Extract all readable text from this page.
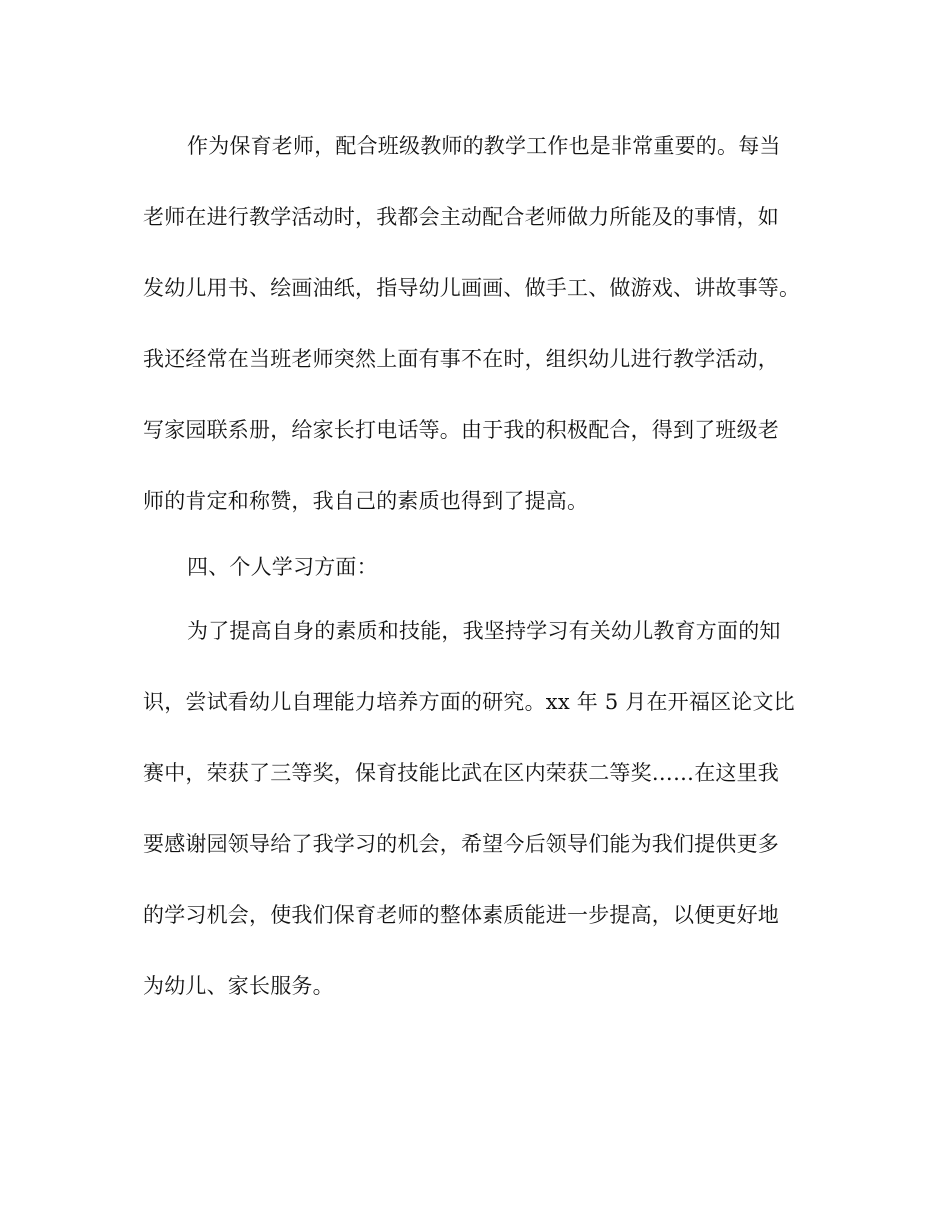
作为保育老师，配合班级教师的教学工作也是非常重要的。每当

老师在进行教学活动时，我都会主动配合老师做力所能及的事情，如

发幼儿用书、绘画油纸，指导幼儿画画、做手工、做游戏、讲故事等。

我还经常在当班老师突然上面有事不在时，组织幼儿进行教学活动，

写家园联系册，给家长打电话等。由于我的积极配合，得到了班级老

师的肯定和称赞，我自己的素质也得到了提高。

四、个人学习方面：

为了提高自身的素质和技能，我坚持学习有关幼儿教育方面的知

识，尝试看幼儿自理能力培养方面的研究。xx 年 5 月在开福区论文比

赛中，荣获了三等奖，保育技能比武在区内荣获二等奖……在这里我

要感谢园领导给了我学习的机会，希望今后领导们能为我们提供更多

的学习机会，使我们保育老师的整体素质能进一步提高，以便更好地

为幼儿、家长服务。
